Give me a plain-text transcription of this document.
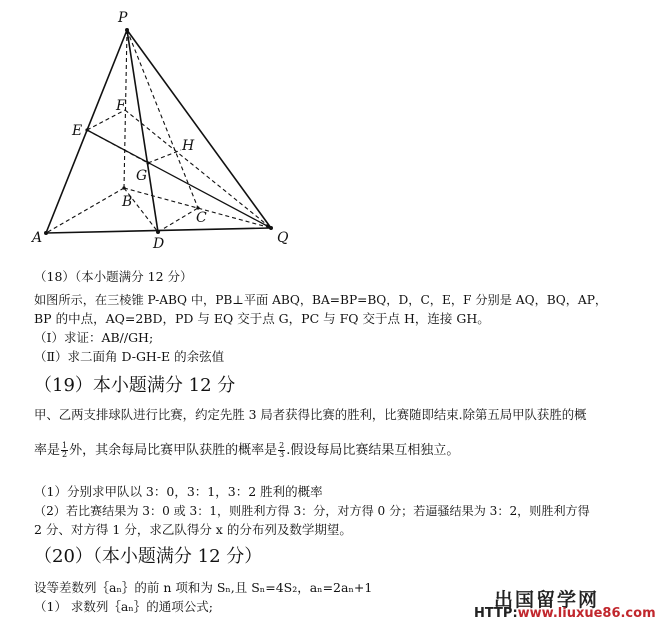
P
E
F
H
G
B
C
A	D	Q
（18）（本小题满分 12 分）
如图所示，在三棱锥 P-ABQ 中，PB⊥平面 ABQ，BA=BP=BQ，D，C，E，F 分别是 AQ，BQ，AP，
BP 的中点，AQ=2BD，PD 与 EQ 交于点 G，PC 与 FQ 交于点 H，连接 GH。
（Ⅰ）求证：AB//GH;
（Ⅱ）求二面角 D-GH-E 的余弦值
（19）本小题满分 12 分
甲、乙两支排球队进行比赛，约定先胜 3 局者获得比赛的胜利，比赛随即结束.除第五局甲队获胜的概
率是 $\frac{1}{2}$ 外，其余每局比赛甲队获胜的概率是 $\frac{2}{3}$ .假设每局比赛结果互相独立。
（1）分别求甲队以 3：0，3：1，3：2 胜利的概率
（2）若比赛结果为 3：0 或 3：1，则胜利方得 3：分，对方得 0 分；若逼骚结果为 3：2，则胜利方得
2 分、对方得 1 分，求乙队得分 x 的分布列及数学期望。
（20）（本小题满分 12 分）
设等差数列｛aₙ｝的前 n 项和为 Sₙ,且 Sₙ=4S₂，aₙ=2aₙ+1
（1） 求数列｛aₙ｝的通项公式;	出国留学网
HTTP:www.liuxue86.com
